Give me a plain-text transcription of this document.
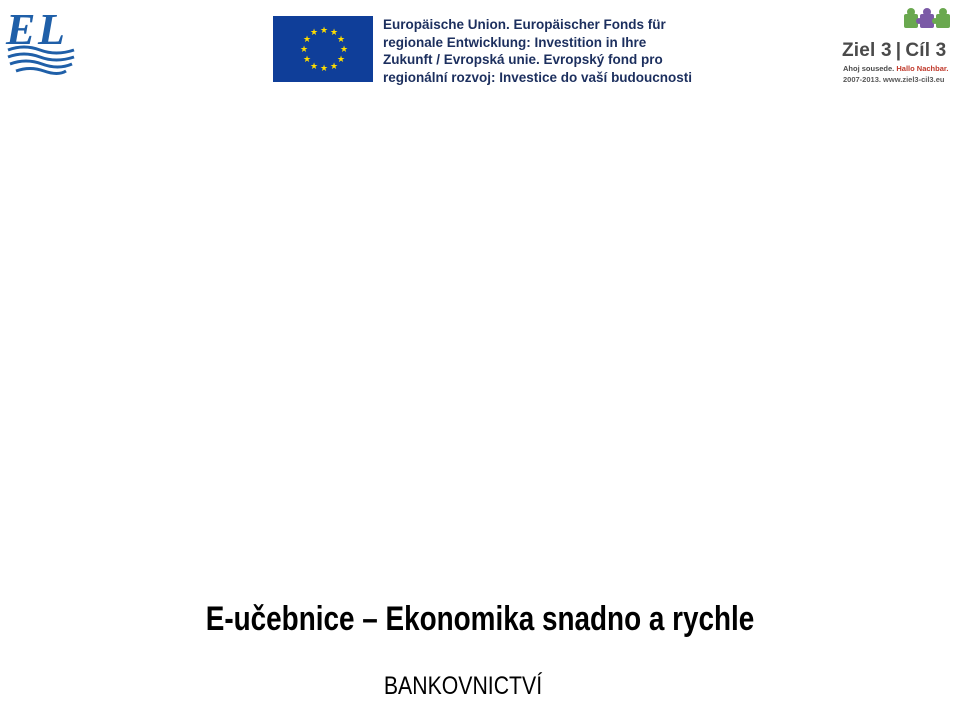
E L	★ ★
★
★
★
★
★
★
★
★
★
★
Europäische Union. Europäischer Fonds für
regionale Entwicklung: Investition in Ihre
Zukunft / Evropská unie. Evropský fond pro
regionální rozvoj: Investice do vaší budoucnosti
Ziel 3 | Cíl 3
Ahoj sousede. Hallo Nachbar.
2007-2013. www.ziel3-cil3.eu
E-učebnice – Ekonomika snadno a rychle
BANKOVNICTVÍ
